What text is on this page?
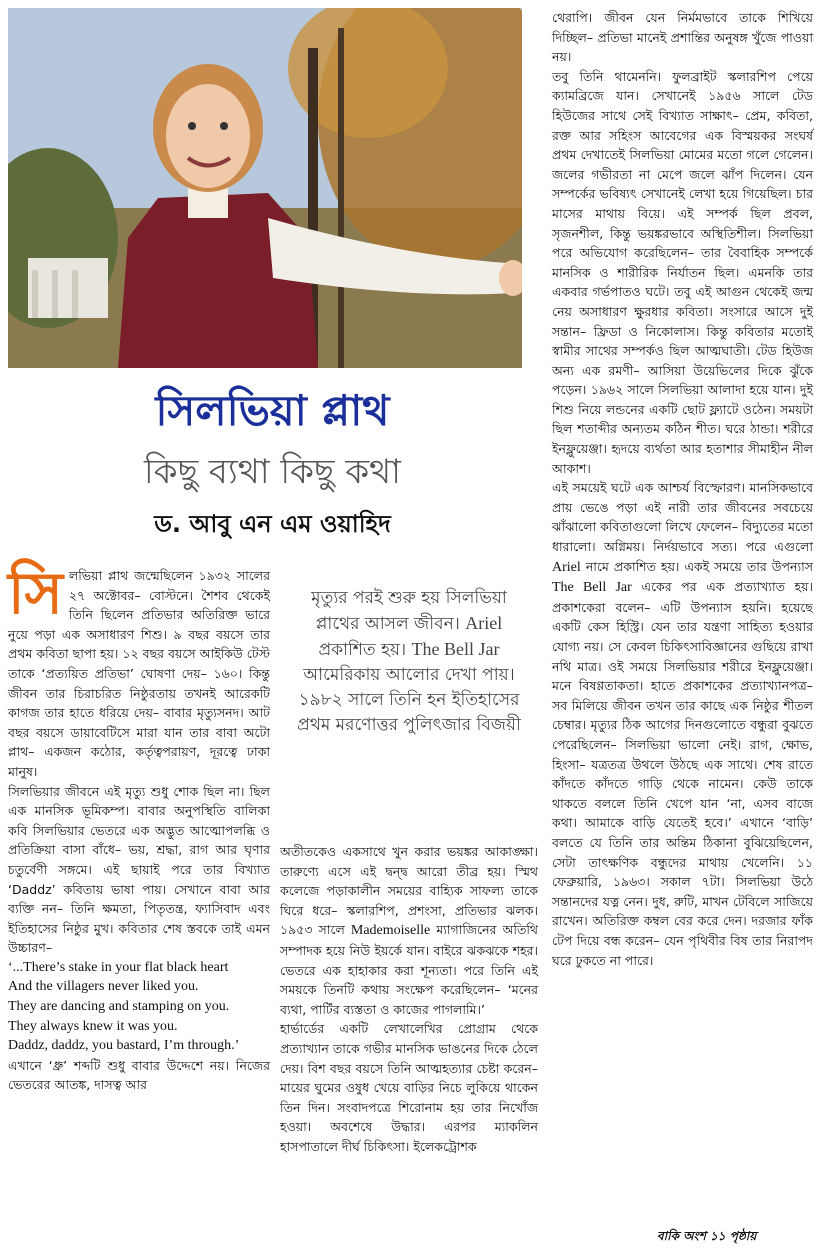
সিলভিয়া প্লাথ
কিছু ব্যথা কিছু কথা
ড. আবু এন এম ওয়াহিদ

সিলভিয়া প্লাথ জন্মেছিলেন ১৯৩২ সালের ২৭ অক্টোবর– বোস্টনে। শৈশব থেকেই তিনি ছিলেন প্রতিভার অতিরিক্ত ভারে নুয়ে পড়া এক অসাধারণ শিশু। ৯ বছর বয়সে তার প্রথম কবিতা ছাপা হয়। ১২ বছর বয়সে আইকিউ টেস্ট তাকে ‘প্রত্যয়িত প্রতিভা’ ঘোষণা দেয়– ১৬০। কিন্তু জীবন তার চিরাচরিত নিষ্ঠুরতায় তখনই আরেকটি কাগজ তার হাতে ধরিয়ে দেয়– বাবার মৃত্যুসনদ। আট বছর বয়সে ডায়াবেটিসে মারা যান তার বাবা অটো প্লাথ– একজন কঠোর, কর্তৃত্বপরায়ণ, দূরত্বে ঢাকা মানুষ।

সিলভিয়ার জীবনে এই মৃত্যু শুধু শোক ছিল না। ছিল এক মানসিক ভূমিকম্প। বাবার অনুপস্থিতি বালিকা কবি সিলভিয়ার ভেতরে এক অদ্ভুত আত্মোপলব্ধি ও প্রতিক্রিয়া বাসা বাঁধে– ভয়, শ্রদ্ধা, রাগ আর ঘৃণার চতুর্বেণী সঙ্গমে। এই ছায়াই পরে তার বিখ্যাত ‘Daddz’ কবিতায় ভাষা পায়। সেখানে বাবা আর ব্যক্তি নন– তিনি ক্ষমতা, পিতৃতন্ত্র, ফ্যাসিবাদ এবং ইতিহাসের নিষ্ঠুর মুখ। কবিতার শেষ স্তবকে তাই এমন উচ্চারণ–

‘...There’s stake in your flat black heart

And the villagers never liked you.

They are dancing and stamping on you.

They always knew it was you.

Daddz, daddz, you bastard, I’m through.’

এখানে ‘ধ্রু’ শব্দটি শুধু বাবার উদ্দেশে নয়। নিজের ভেতরের আতঙ্ক, দাসত্ব আর

মৃত্যুর পরই শুরু হয় সিলভিয়া প্লাথের আসল জীবন। Ariel প্রকাশিত হয়। The Bell Jar আমেরিকায় আলোর দেখা পায়। ১৯৮২ সালে তিনি হন ইতিহাসের প্রথম মরণোত্তর পুলিৎজার বিজয়ী

অতীতকেও একসাথে খুন করার ভয়ঙ্কর আকাঙ্ক্ষা। তারুণ্যে এসে এই দ্বন্দ্ব আরো তীব্র হয়। স্মিথ কলেজে পড়াকালীন সময়ের বাহ্যিক সাফল্য তাকে ঘিরে ধরে– স্কলারশিপ, প্রশংসা, প্রতিভার ঝলক। ১৯৫৩ সালে Mademoiselle ম্যাগাজিনের অতিথি সম্পাদক হয়ে নিউ ইয়র্কে যান। বাইরে ঝকঝকে শহর। ভেতরে এক হাহাকার করা শূন্যতা। পরে তিনি এই সময়কে তিনটি কথায় সংক্ষেপ করেছিলেন– ‘মনের ব্যথা, পার্টির ব্যস্ততা ও কাজের পাগলামি।’

হার্ভার্ডের একটি লেখালেখির প্রোগ্রাম থেকে প্রত্যাখ্যান তাকে গভীর মানসিক ভাঙনের দিকে ঠেলে দেয়। বিশ বছর বয়সে তিনি আত্মহত্যার চেষ্টা করেন– মায়ের ঘুমের ওষুধ খেয়ে বাড়ির নিচে লুকিয়ে থাকেন তিন দিন। সংবাদপত্রে শিরোনাম হয় তার নিখোঁজ হওয়া। অবশেষে উদ্ধার। এরপর ম্যাকলিন হাসপাতালে দীর্ঘ চিকিৎসা। ইলেকট্রোশক

থেরাপি। জীবন যেন নির্মমভাবে তাকে শিখিয়ে দিচ্ছিল– প্রতিভা মানেই প্রশান্তির অনুষঙ্গ খুঁজে পাওয়া নয়।

তবু তিনি থামেননি। ফুলব্রাইট স্কলারশিপ পেয়ে ক্যামব্রিজে যান। সেখানেই ১৯৫৬ সালে টেড হিউজের সাথে সেই বিখ্যাত সাক্ষাৎ– প্রেম, কবিতা, রক্ত আর সহিংস আবেগের এক বিস্ময়কর সংঘর্ষ প্রথম দেখাতেই সিলভিয়া মোমের মতো গলে গেলেন। জলের গভীরতা না মেপে জলে ঝাঁপ দিলেন। যেন সম্পর্কের ভবিষ্যৎ সেখানেই লেখা হয়ে গিয়েছিল। চার মাসের মাথায় বিয়ে। এই সম্পর্ক ছিল প্রবল, সৃজনশীল, কিন্তু ভয়ঙ্করভাবে অস্থিতিশীল। সিলভিয়া পরে অভিযোগ করেছিলেন– তার বৈবাহিক সম্পর্কে মানসিক ও শারীরিক নির্যাতন ছিল। এমনকি তার একবার গর্ভপাতও ঘটে। তবু এই আগুন থেকেই জন্ম নেয় অসাধারণ ক্ষুরধার কবিতা। সংসারে আসে দুই সন্তান– ফ্রিডা ও নিকোলাস। কিন্তু কবিতার মতোই স্বামীর সাথের সম্পর্কও ছিল আত্মঘাতী। টেড হিউজ অন্য এক রমণী– আসিয়া উয়েভিলের দিকে ঝুঁকে পড়েন। ১৯৬২ সালে সিলভিয়া আলাদা হয়ে যান। দুই শিশু নিয়ে লন্ডনের একটি ছোট ফ্ল্যাটে ওঠেন। সময়টা ছিল শতাব্দীর অন্যতম কঠিন শীত। ঘরে ঠান্ডা। শরীরে ইনফ্লুয়েঞ্জা। হৃদয়ে ব্যর্থতা আর হতাশার সীমাহীন নীল আকাশ।

এই সময়েই ঘটে এক আশ্চর্য বিস্ফোরণ। মানসিকভাবে প্রায় ভেঙে পড়া এই নারী তার জীবনের সবচেয়ে ঝাঁঝালো কবিতাগুলো লিখে ফেলেন– বিদ্যুতের মতো ধারালো। অগ্নিময়। নির্দয়ভাবে সত্য। পরে এগুলো Ariel নামে প্রকাশিত হয়। একই সময়ে তার উপন্যাস The Bell Jar একের পর এক প্রত্যাখ্যাত হয়। প্রকাশকেরা বলেন– এটি উপন্যাস হয়নি। হয়েছে একটি কেস হিস্ট্রি। যেন তার যন্ত্রণা সাহিত্য হওয়ার যোগ্য নয়। সে কেবল চিকিৎসাবিজ্ঞানের গুছিয়ে রাখা নথি মাত্র। ওই সময়ে সিলভিয়ার শরীরে ইনফ্লুয়েঞ্জা। মনে বিষণ্ণতাকতা। হাতে প্রকাশকের প্রত্যাখ্যানপত্র– সব মিলিয়ে জীবন তখন তার কাছে এক নিষ্ঠুর শীতল চেম্বার। মৃত্যুর ঠিক আগের দিনগুলোতে বন্ধুরা বুঝতে পেরেছিলেন– সিলভিয়া ভালো নেই। রাগ, ক্ষোভ, হিংসা– যত্রতত্র উথলে উঠছে এক সাথে। শেষ রাতে কাঁদতে কাঁদতে গাড়ি থেকে নামেন। কেউ তাকে থাকতে বললে তিনি খেপে যান ‘না, এসব বাজে কথা। আমাকে বাড়ি যেতেই হবে।’ এখানে ‘বাড়ি’ বলতে যে তিনি তার অন্তিম ঠিকানা বুঝিয়েছিলেন, সেটা তাৎক্ষণিক বন্ধুদের মাথায় খেলেনি। ১১ ফেব্রুয়ারি, ১৯৬৩। সকাল ৭টা। সিলভিয়া উঠে সন্তানদের যত্ন নেন। দুধ, রুটি, মাখন টেবিলে সাজিয়ে রাখেন। অতিরিক্ত কম্বল বের করে দেন। দরজার ফাঁক টেপ দিয়ে বন্ধ করেন– যেন পৃথিবীর বিষ তার নিরাপদ ঘরে ঢুকতে না পারে।

বাকি অংশ ১১ পৃষ্ঠায়
